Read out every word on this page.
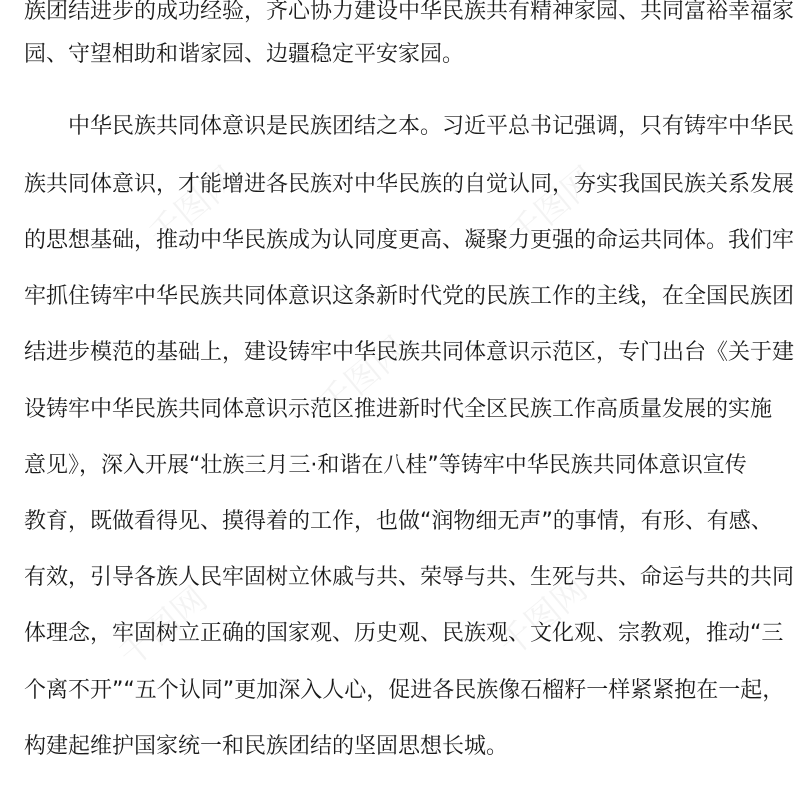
族团结进步的成功经验，齐心协力建设中华民族共有精神家园、共同富裕幸福家
园、守望相助和谐家园、边疆稳定平安家园。
中华民族共同体意识是民族团结之本。习近平总书记强调，只有铸牢中华民
族共同体意识，才能增进各民族对中华民族的自觉认同，夯实我国民族关系发展
的思想基础，推动中华民族成为认同度更高、凝聚力更强的命运共同体。我们牢
牢抓住铸牢中华民族共同体意识这条新时代党的民族工作的主线，在全国民族团
结进步模范的基础上，建设铸牢中华民族共同体意识示范区，专门出台《关于建
设铸牢中华民族共同体意识示范区推进新时代全区民族工作高质量发展的实施
意见》，深入开展“壮族三月三·和谐在八桂”等铸牢中华民族共同体意识宣传
教育，既做看得见、摸得着的工作，也做“润物细无声”的事情，有形、有感、
有效，引导各族人民牢固树立休戚与共、荣辱与共、生死与共、命运与共的共同
体理念，牢固树立正确的国家观、历史观、民族观、文化观、宗教观，推动“三
个离不开”“五个认同”更加深入人心，促进各民族像石榴籽一样紧紧抱在一起，
构建起维护国家统一和民族团结的坚固思想长城。
